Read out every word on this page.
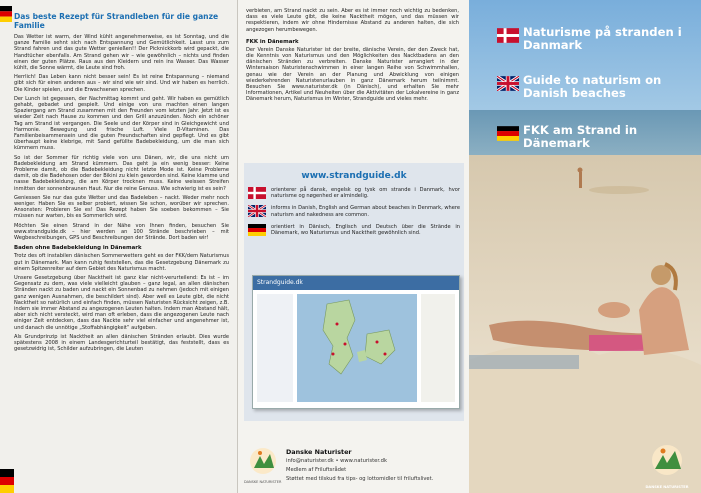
Das beste Rezept für Strandleben für die ganze Familie
Das Wetter ist warm, der Wind kühlt angenehmerweise, es ist Sonntag, und die ganze Familie sehnt sich nach Entspannung und Gemütlichkeit. Lasst uns zum Strand fahren und das gute Wetter genießen!! Der Picknickkorb wird gepackt, die Handtücher ebenfalls. Am Strand gehen wir – wie gewöhnlich – nichts und finden einen der guten Plätze. Raus aus den Kleidern und rein ins Wasser. Das Wasser kühlt, die Sonne wärmt, die Leute sind froh.
Herrlich! Das Leben kann nicht besser sein! Es ist reine Entspannung – niemand gibt sich für einen anderen aus – wir sind wie wir sind. Und wir haben es herrlich. Die Kinder spielen, und die Erwachsenen sprechen.
Der Lunch ist gegessen, der Nachmittag kommt und geht. Wir haben es gemütlich gehabt, gebadet und gespielt. Und einige von uns machten einen langen Spaziergang am Strand zusammen mit den Freunden vom letzten Jahr. Jetzt ist es wieder Zeit nach Hause zu kommen und den Grill anzuzünden. Noch ein schöner Tag am Strand ist vergangen. Die Seele und der Körper sind in Gleichgewicht und Harmonie. Bewegung und frische Luft. Viele D-Vitaminen. Das Familienbeisammensein und die guten Freundschaften sind gepflegt. Und es gibt überhaupt keine klebrige, mit Sand gefüllte Badebekleidung, um die man sich kümmern muss.
So ist der Sommer für richtig viele von uns Dänen, wir, die uns nicht um Badebekleidung am Strand kümmern. Das geht ja ein wenig besser: Keine Probleme damit, ob die Badebekleidung nicht letzte Mode ist. Keine Probleme damit, ob die Badehosen oder der Bikini zu klein geworden sind. Keine klamme und nasse Badebekleidung, die am Körper trocknen muss. Keine weissen Streifen inmitten der sonnenbraunen Haut. Nur die reine Genuss. Wie schwierig ist es sein?
Geniessen Sie nur das gute Wetter und das Badeleben – nackt. Weder mehr noch weniger. Haben Sie es selber probiert, wissen Sie schon, worüber wir sprechen. Ansonsten: Probieren Sie es! Das Rezept haben Sie soeben bekommen – Sie müssen nur warten, bis es Sommerlich wird.
Möchten Sie einen Strand in der Nähe von Ihnen finden, besuchen Sie www.strandguide.dk – hier werden an 100 Strände beschrieben – mit Wegbeschreibungen, GPS und Beschreibungen der Strände. Dort baden wir!
Baden ohne Badebekleidung in Dänemark
Trotz des oft instabilen dänischen Sommerwetters geht es der FKK/dem Naturismus gut in Dänemark. Man kann ruhig feststellen, das die Gesetzgebung Dänemark zu einem Spitzenreiter auf dem Gebiet des Naturismus macht.
Unsere Gesetzgebung über Nacktheit ist ganz klar nicht-verurteilend: Es ist – im Gegensatz zu dem, was viele vielleicht glauben – ganz legal, an allen dänischen Stränden nackt zu baden und nackt ein Sonnenbad zu nehmen (jedoch mit einigen ganz wenigen Ausnahmen, die beschildert sind). Aber weil es Leute gibt, die nicht Nacktheit so natürlich und einfach finden, müssen Naturisten Rücksicht zeigen, z.B. indem sie immer Abstand zu angezogenen Leuten halten. Indem man Abstand hält, aber sich nicht versteckt, wird man oft erleben, dass die angezogenen Leute nach einiger Zeit entdecken, dass das Nackte sehr viel einfacher und angenehmer ist, und danach die unnötige „Stoffabhängigkeit“ aufgeben.
Als Grundprinzip ist Nacktheit an allen dänischen Stränden erlaubt. Dies wurde spätestens 2008 in einem Landesgerichturteil bestätigt, das feststellt, dass es gesetzwidrig ist, Schilder aufzubringen, die Leuten
verbieten, am Strand nackt zu sein. Aber es ist immer noch wichtig zu bedenken, dass es viele Leute gibt, die keine Nacktheit mögen, und das müssen wir respektieren, indem wir ohne Hindernisse Abstand zu anderen halten, die sich angezogen herumbewegen.
FKK in Dänemark
Der Verein Danske Naturister ist der breite, dänische Verein, der den Zweck hat, die Kenntnis von Naturismus und den Möglichkeiten des Nacktbadens an den dänischen Stränden zu verbreiten. Danske Naturister arrangiert in der Wintersaison Naturistenschwimmen in einer langen Reihe von Schwimmhallen, genau wie der Verein an der Planung und Abwicklung von einigen wiederkehrenden Naturistenurlauben in ganz Dänemark herum teilnimmt. Besuchen Sie www.naturister.dk (in Dänisch), und erhalten Sie mehr Informationen, Artikel und Neuheiten über die Aktivitäten der Lokalvereine in ganz Dänemark herum, Naturismus im Winter, Strandguide und vieles mehr.
www.strandguide.dk
orienterer på dansk, engelsk og tysk om strande i Danmark, hvor naturisme og nøgenhed er almindelig.
informs in Danish, English and German about beaches in Denmark, where naturism and nakedness are common.
orientiert in Dänisch, Englisch und Deutsch über die Strände in Dänemark, wo Naturismus und Nacktheit gewöhnlich sind.
Strandguide.dk
Danske Naturister
info@naturister.dk • www.naturister.dk
Medlem af Friluftsrådet
Støttet med tilskud fra tips- og lottomidler til friluftslivet.
DANSKE NATURISTER
Naturisme på stranden i Danmark
Guide to naturism on Danish beaches
FKK am Strand in Dänemark
DANSKE NATURISTER
